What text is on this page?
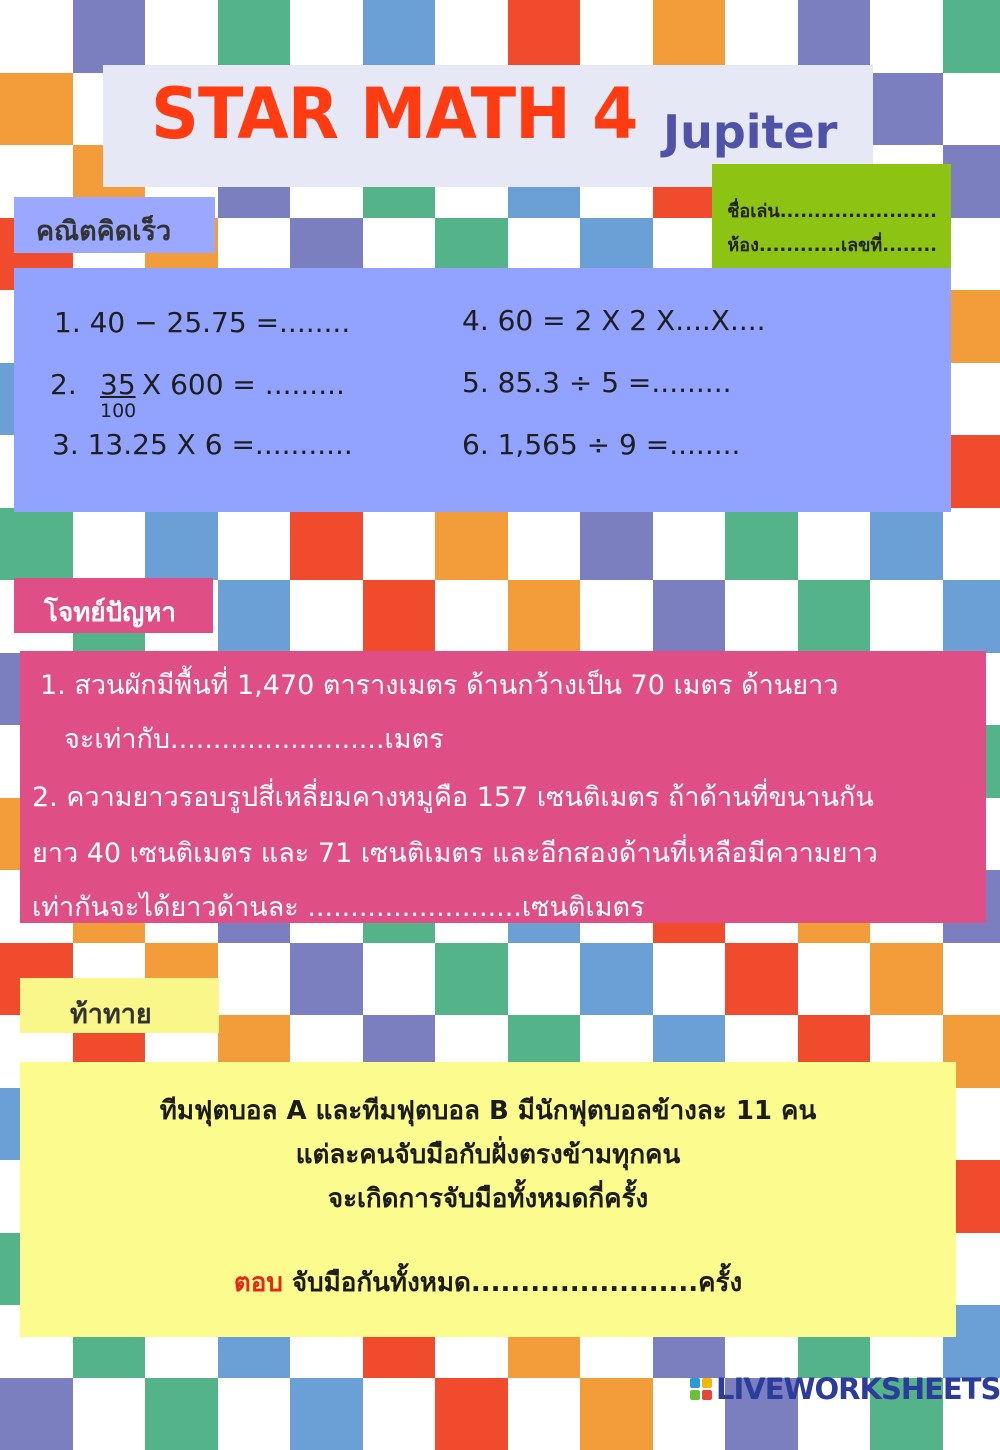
STAR MATH 4 Jupiter
ชื่อเล่น.......................
ห้อง............เลขที่........
คณิตคิดเร็ว
1. 40 − 25.75 =........
2. 35
100
X 600 = .........
3. 13.25 X 6 =...........
4. 60 = 2 X 2 X....X....
5. 85.3 ÷ 5 =.........
6. 1,565 ÷ 9 =........
โจทย์ปัญหา
1. สวนผักมีพื้นที่ 1,470 ตารางเมตร ด้านกว้างเป็น 70 เมตร ด้านยาว
จะเท่ากับ.........................เมตร
2. ความยาวรอบรูปสี่เหลี่ยมคางหมูคือ 157 เซนติเมตร ถ้าด้านที่ขนานกัน
ยาว 40 เซนติเมตร และ 71 เซนติเมตร และอีกสองด้านที่เหลือมีความยาว
เท่ากันจะได้ยาวด้านละ .........................เซนติเมตร
ท้าทาย
ทีมฟุตบอล A และทีมฟุตบอล B มีนักฟุตบอลข้างละ 11 คน
แต่ละคนจับมือกับฝั่งตรงข้ามทุกคน
จะเกิดการจับมือทั้งหมดกี่ครั้ง
ตอบ จับมือกันทั้งหมด.......................ครั้ง
LIVEWORKSHEETS
